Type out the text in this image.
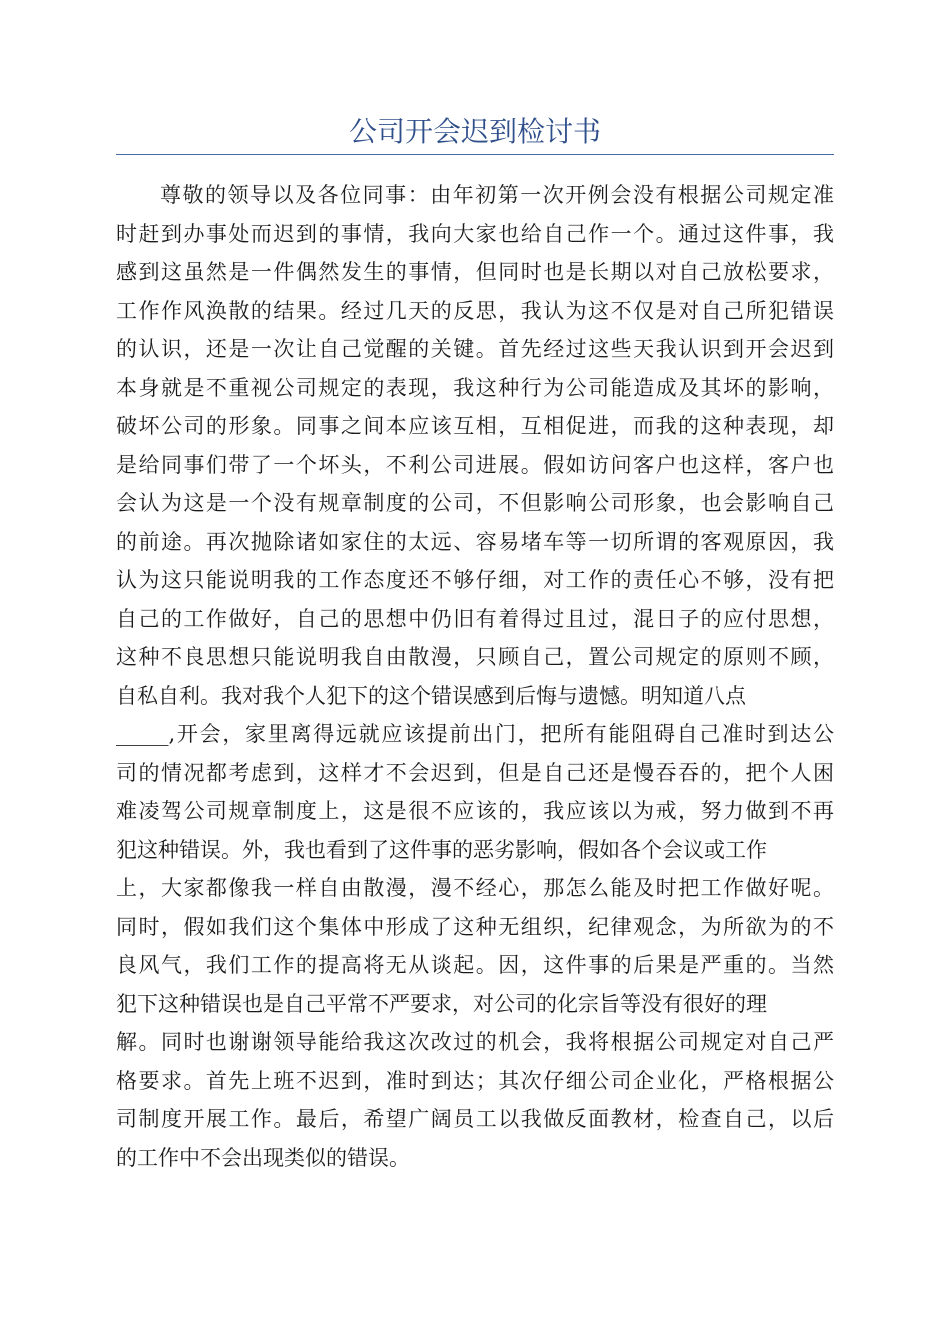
公司开会迟到检讨书
尊敬的领导以及各位同事：由年初第一次开例会没有根据公司规定准
时赶到办事处而迟到的事情，我向大家也给自己作一个。通过这件事，我
感到这虽然是一件偶然发生的事情，但同时也是长期以对自己放松要求，
工作作风涣散的结果。经过几天的反思，我认为这不仅是对自己所犯错误
的认识，还是一次让自己觉醒的关键。首先经过这些天我认识到开会迟到
本身就是不重视公司规定的表现，我这种行为公司能造成及其坏的影响，
破坏公司的形象。同事之间本应该互相，互相促进，而我的这种表现，却
是给同事们带了一个坏头，不利公司进展。假如访问客户也这样，客户也
会认为这是一个没有规章制度的公司，不但影响公司形象，也会影响自己
的前途。再次抛除诸如家住的太远、容易堵车等一切所谓的客观原因，我
认为这只能说明我的工作态度还不够仔细，对工作的责任心不够，没有把
自己的工作做好，自己的思想中仍旧有着得过且过，混日子的应付思想，
这种不良思想只能说明我自由散漫，只顾自己，置公司规定的原则不顾，
自私自利。我对我个人犯下的这个错误感到后悔与遗憾。明知道八点
_____,开会，家里离得远就应该提前出门，把所有能阻碍自己准时到达公
司的情况都考虑到，这样才不会迟到，但是自己还是慢吞吞的，把个人困
难凌驾公司规章制度上，这是很不应该的，我应该以为戒，努力做到不再
犯这种错误。外，我也看到了这件事的恶劣影响，假如各个会议或工作
上，大家都像我一样自由散漫，漫不经心，那怎么能及时把工作做好呢。
同时，假如我们这个集体中形成了这种无组织，纪律观念，为所欲为的不
良风气，我们工作的提高将无从谈起。因，这件事的后果是严重的。当然
犯下这种错误也是自己平常不严要求，对公司的化宗旨等没有很好的理
解。同时也谢谢领导能给我这次改过的机会，我将根据公司规定对自己严
格要求。首先上班不迟到，准时到达；其次仔细公司企业化，严格根据公
司制度开展工作。最后，希望广阔员工以我做反面教材，检查自己，以后
的工作中不会出现类似的错误。
